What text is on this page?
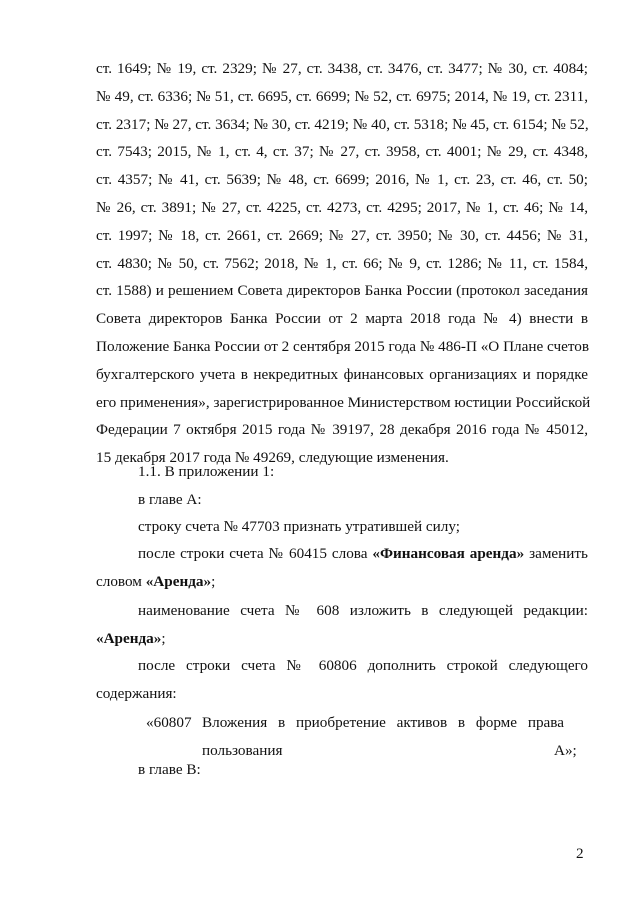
ст. 1649; № 19, ст. 2329; № 27, ст. 3438, ст. 3476, ст. 3477; № 30, ст. 4084;
№ 49, ст. 6336; № 51, ст. 6695, ст. 6699; № 52, ст. 6975; 2014, № 19, ст. 2311,
ст. 2317; № 27, ст. 3634; № 30, ст. 4219; № 40, ст. 5318; № 45, ст. 6154; № 52,
ст. 7543; 2015, № 1, ст. 4, ст. 37; № 27, ст. 3958, ст. 4001; № 29, ст. 4348,
ст. 4357; № 41, ст. 5639; № 48, ст. 6699; 2016, № 1, ст. 23, ст. 46, ст. 50;
№ 26, ст. 3891; № 27, ст. 4225, ст. 4273, ст. 4295; 2017, № 1, ст. 46; № 14,
ст. 1997; № 18, ст. 2661, ст. 2669; № 27, ст. 3950; № 30, ст. 4456; № 31,
ст. 4830; № 50, ст. 7562; 2018, № 1, ст. 66; № 9, ст. 1286; № 11, ст. 1584,
ст. 1588) и решением Совета директоров Банка России (протокол заседания
Совета директоров Банка России от 2 марта 2018 года № 4) внести в
Положение Банка России от 2 сентября 2015 года № 486-П «О Плане счетов
бухгалтерского учета в некредитных финансовых организациях и порядке
его применения», зарегистрированное Министерством юстиции Российской
Федерации 7 октября 2015 года № 39197, 28 декабря 2016 года № 45012,
15 декабря 2017 года № 49269, следующие изменения.
1.1. В приложении 1:
в главе А:
строку счета № 47703 признать утратившей силу;
после строки счета № 60415 слова «Финансовая аренда» заменить
словом «Аренда»;
наименование счета № 608 изложить в следующей редакции:
«Аренда»;
после строки счета № 60806 дополнить строкой следующего
содержания:
«60807 Вложения в приобретение активов в форме права
пользования	А»;
в главе В:
2
